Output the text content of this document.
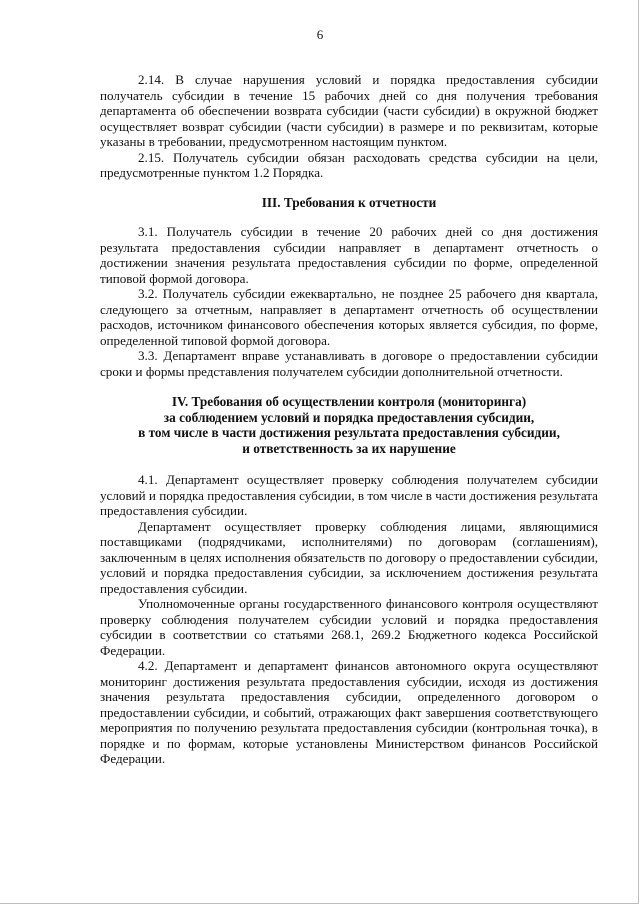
6

2.14. В случае нарушения условий и порядка предоставления субсидии получатель субсидии в течение 15 рабочих дней со дня получения требования департамента об обеспечении возврата субсидии (части субсидии) в окружной бюджет осуществляет возврат субсидии (части субсидии) в размере и по реквизитам, которые указаны в требовании, предусмотренном настоящим пунктом.

2.15. Получатель субсидии обязан расходовать средства субсидии на цели, предусмотренные пунктом 1.2 Порядка.

III. Требования к отчетности

3.1. Получатель субсидии в течение 20 рабочих дней со дня достижения результата предоставления субсидии направляет в департамент отчетность о достижении значения результата предоставления субсидии по форме, определенной типовой формой договора.

3.2. Получатель субсидии ежеквартально, не позднее 25 рабочего дня квартала, следующего за отчетным, направляет в департамент отчетность об осуществлении расходов, источником финансового обеспечения которых является субсидия, по форме, определенной типовой формой договора.

3.3. Департамент вправе устанавливать в договоре о предоставлении субсидии сроки и формы представления получателем субсидии дополнительной отчетности.

IV. Требования об осуществлении контроля (мониторинга)
за соблюдением условий и порядка предоставления субсидии,
в том числе в части достижения результата предоставления субсидии,
и ответственность за их нарушение

4.1. Департамент осуществляет проверку соблюдения получателем субсидии условий и порядка предоставления субсидии, в том числе в части достижения результата предоставления субсидии.

Департамент осуществляет проверку соблюдения лицами, являющимися поставщиками (подрядчиками, исполнителями) по договорам (соглашениям), заключенным в целях исполнения обязательств по договору о предоставлении субсидии, условий и порядка предоставления субсидии, за исключением достижения результата предоставления субсидии.

Уполномоченные органы государственного финансового контроля осуществляют проверку соблюдения получателем субсидии условий и порядка предоставления субсидии в соответствии со статьями 268.1, 269.2 Бюджетного кодекса Российской Федерации.

4.2. Департамент и департамент финансов автономного округа осуществляют мониторинг достижения результата предоставления субсидии, исходя из достижения значения результата предоставления субсидии, определенного договором о предоставлении субсидии, и событий, отражающих факт завершения соответствующего мероприятия по получению результата предоставления субсидии (контрольная точка), в порядке и по формам, которые установлены Министерством финансов Российской Федерации.
